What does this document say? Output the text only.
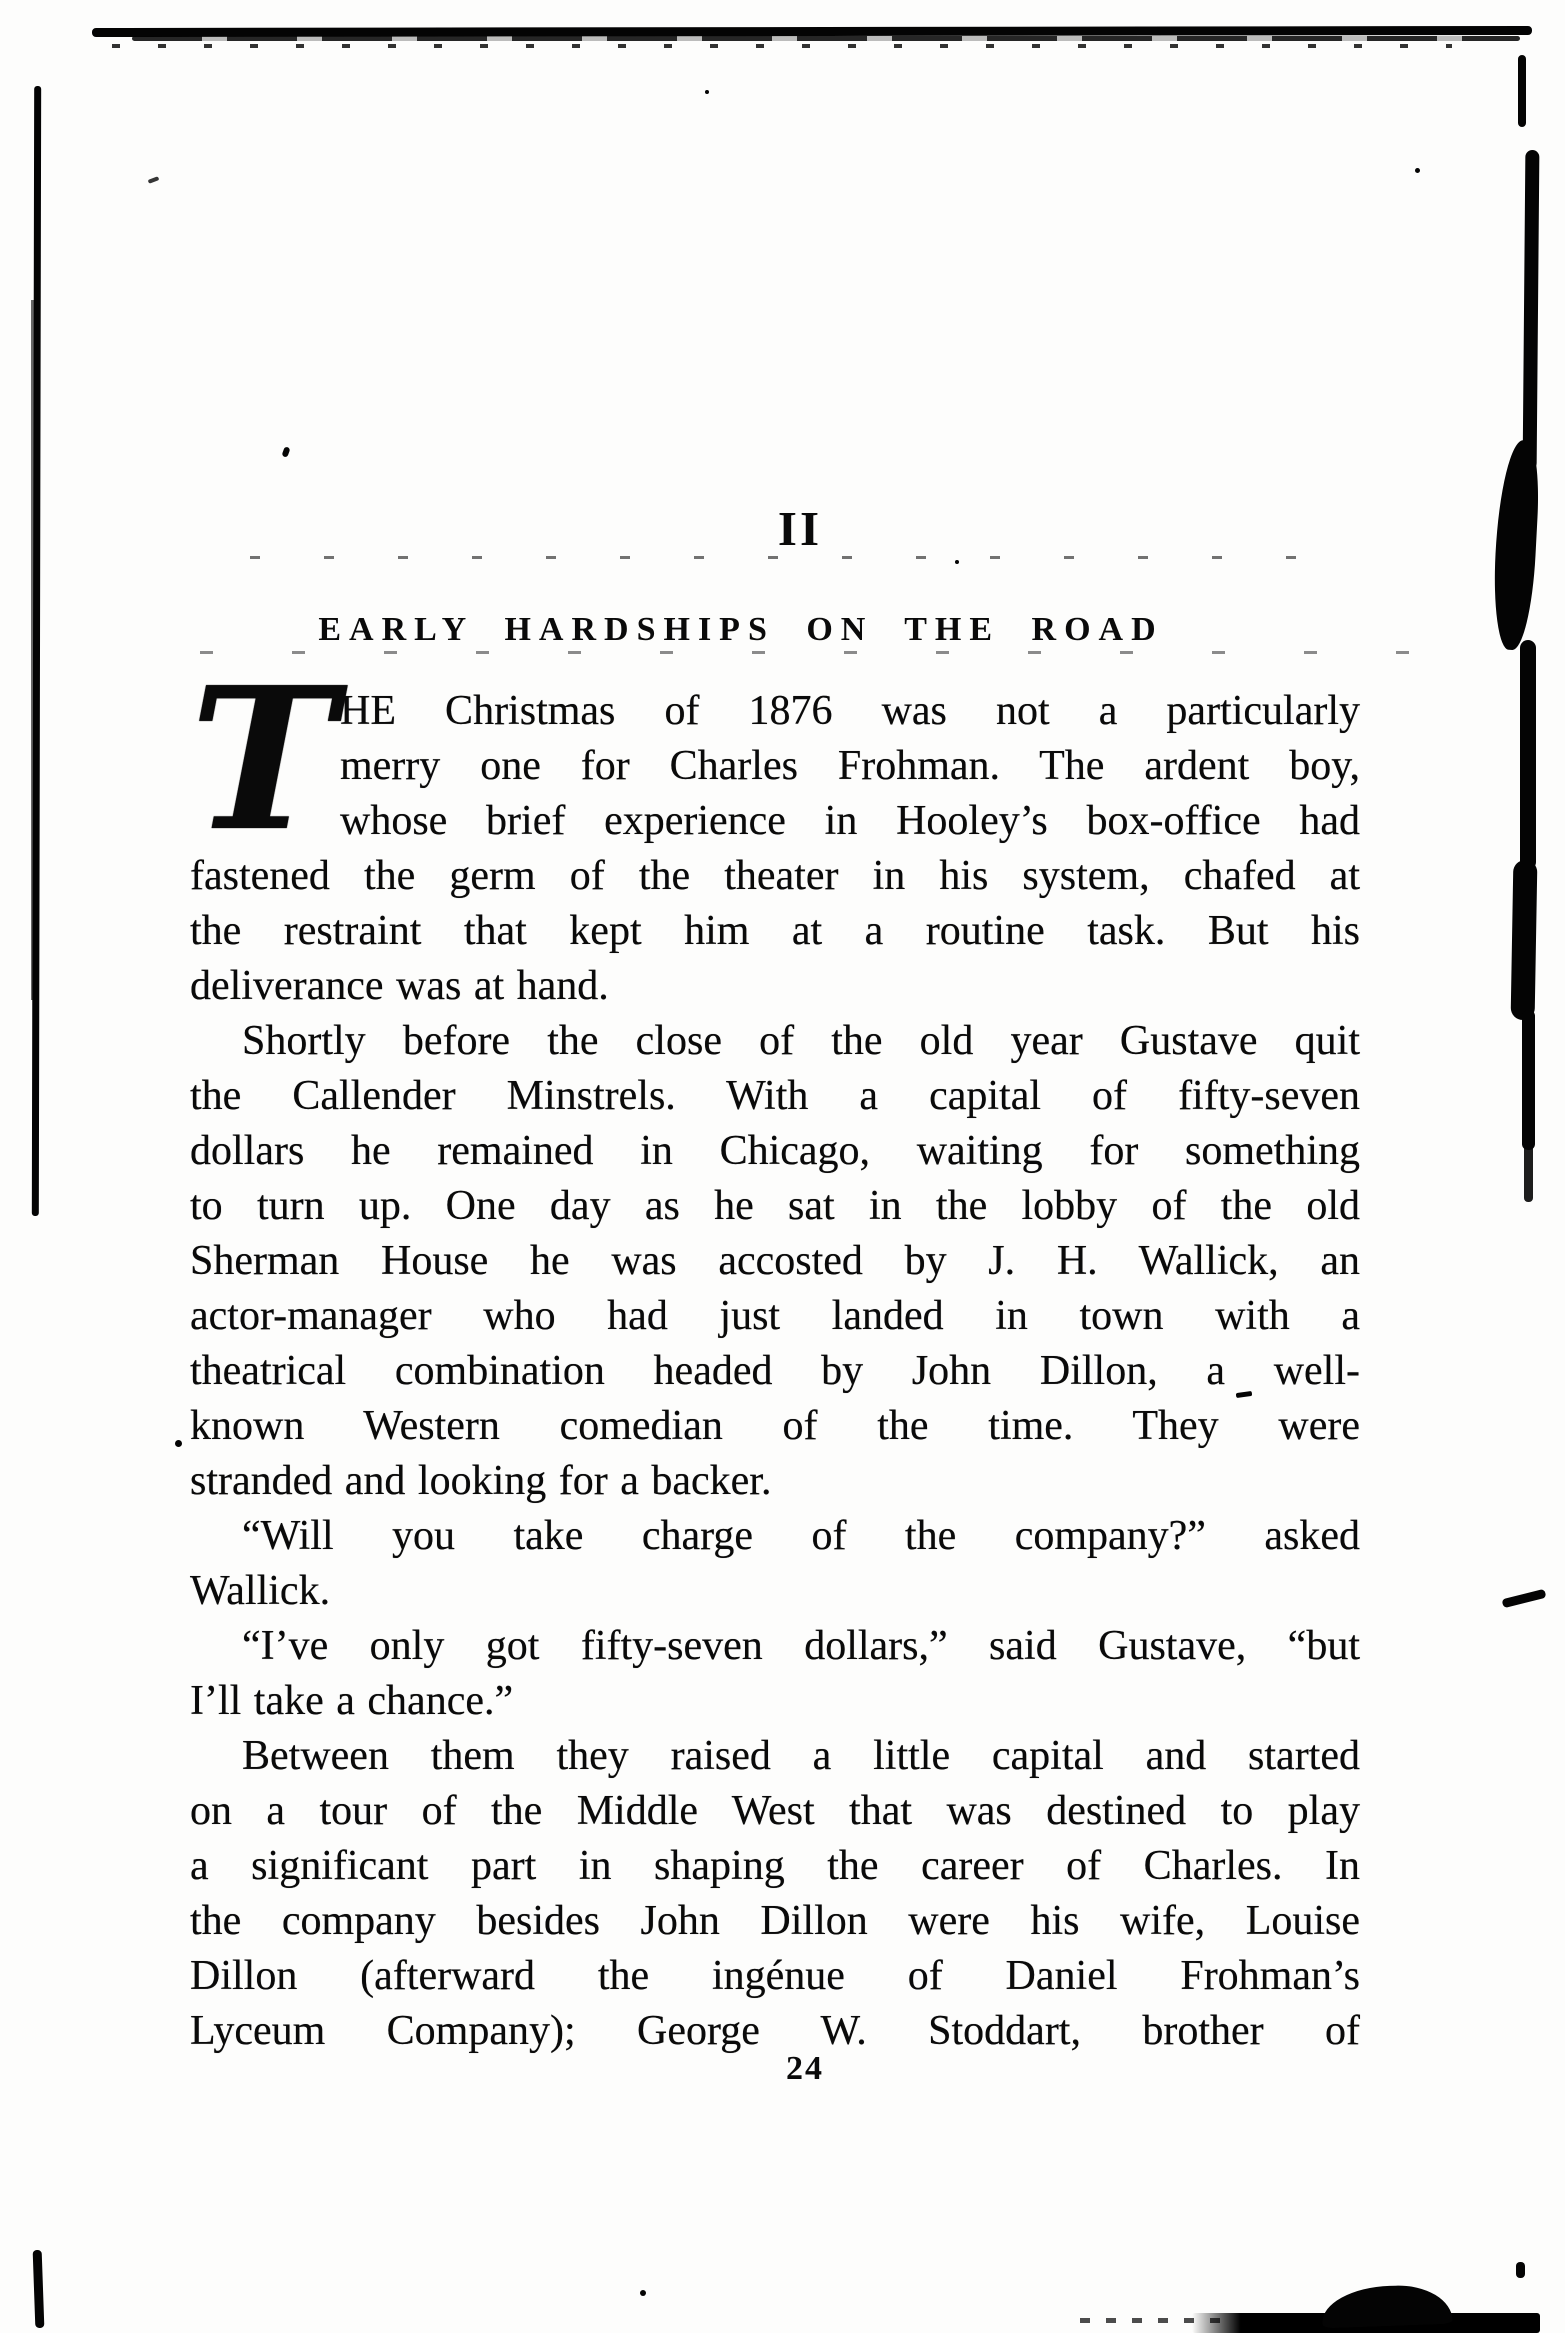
II
EARLY HARDSHIPS ON THE ROAD
T HE Christmas of 1876 was not a particularly
merry one for Charles Frohman. The ardent boy,
whose brief experience in Hooley’s box-office had
fastened the germ of the theater in his system, chafed at
the restraint that kept him at a routine task. But his
deliverance was at hand.
Shortly before the close of the old year Gustave quit
the Callender Minstrels. With a capital of fifty-seven
dollars he remained in Chicago, waiting for something
to turn up. One day as he sat in the lobby of the old
Sherman House he was accosted by J. H. Wallick, an
actor-manager who had just landed in town with a
theatrical combination headed by John Dillon, a well-
known Western comedian of the time. They were
stranded and looking for a backer.
“Will you take charge of the company?” asked
Wallick.
“I’ve only got fifty-seven dollars,” said Gustave, “but
I’ll take a chance.”
Between them they raised a little capital and started
on a tour of the Middle West that was destined to play
a significant part in shaping the career of Charles. In
the company besides John Dillon were his wife, Louise
Dillon (afterward the ingénue of Daniel Frohman’s
Lyceum Company); George W. Stoddart, brother of
24
